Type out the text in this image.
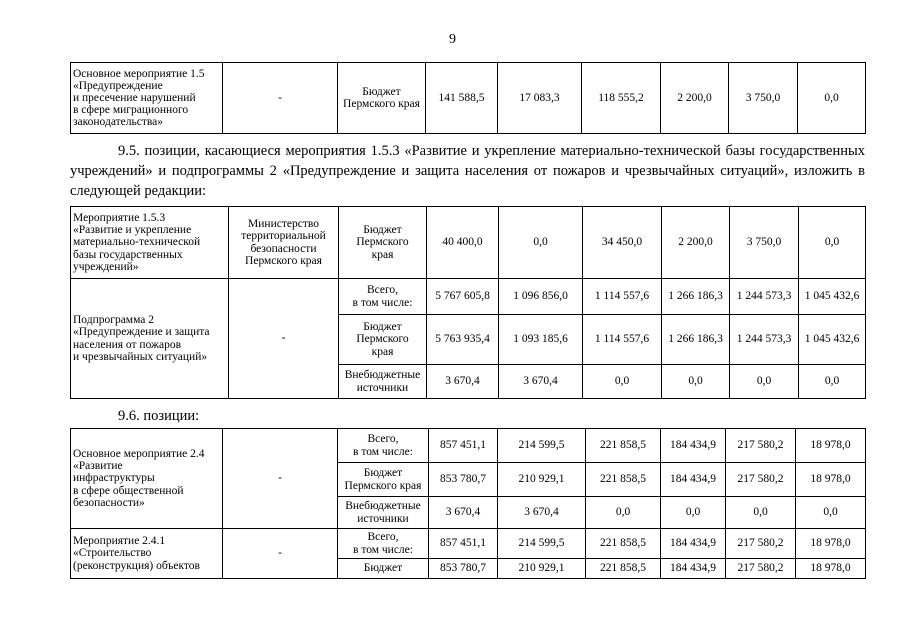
9
Основное мероприятие 1.5
«Предупреждение
и пресечение нарушений
в сфере миграционного
законодательства»	-	Бюджет
Пермского края	141 588,5	17 083,3	118 555,2	2 200,0	3 750,0	0,0
9.5. позиции, касающиеся мероприятия 1.5.3 «Развитие и укрепление материально-технической базы государственных учреждений» и подпрограммы 2 «Предупреждение и защита населения от пожаров и чрезвычайных ситуаций», изложить в следующей редакции:
Мероприятие 1.5.3
«Развитие и укрепление
материально-технической
базы государственных
учреждений»	Министерство
территориальной
безопасности
Пермского края	Бюджет
Пермского
края	40 400,0	0,0	34 450,0	2 200,0	3 750,0	0,0
Подпрограмма 2
«Предупреждение и защита
населения от пожаров
и чрезвычайных ситуаций»	-	Всего,
в том числе:	5 767 605,8	1 096 856,0	1 114 557,6	1 266 186,3	1 244 573,3	1 045 432,6
		Бюджет
Пермского
края	5 763 935,4	1 093 185,6	1 114 557,6	1 266 186,3	1 244 573,3	1 045 432,6
		Внебюджетные
источники	3 670,4	3 670,4	0,0	0,0	0,0	0,0
9.6. позиции:
Основное мероприятие 2.4
«Развитие
инфраструктуры
в сфере общественной
безопасности»	-	Всего,
в том числе:	857 451,1	214 599,5	221 858,5	184 434,9	217 580,2	18 978,0
		Бюджет
Пермского края	853 780,7	210 929,1	221 858,5	184 434,9	217 580,2	18 978,0
		Внебюджетные
источники	3 670,4	3 670,4	0,0	0,0	0,0	0,0
Мероприятие 2.4.1
«Строительство
(реконструкция) объектов	-	Всего,
в том числе:	857 451,1	214 599,5	221 858,5	184 434,9	217 580,2	18 978,0
		Бюджет	853 780,7	210 929,1	221 858,5	184 434,9	217 580,2	18 978,0
